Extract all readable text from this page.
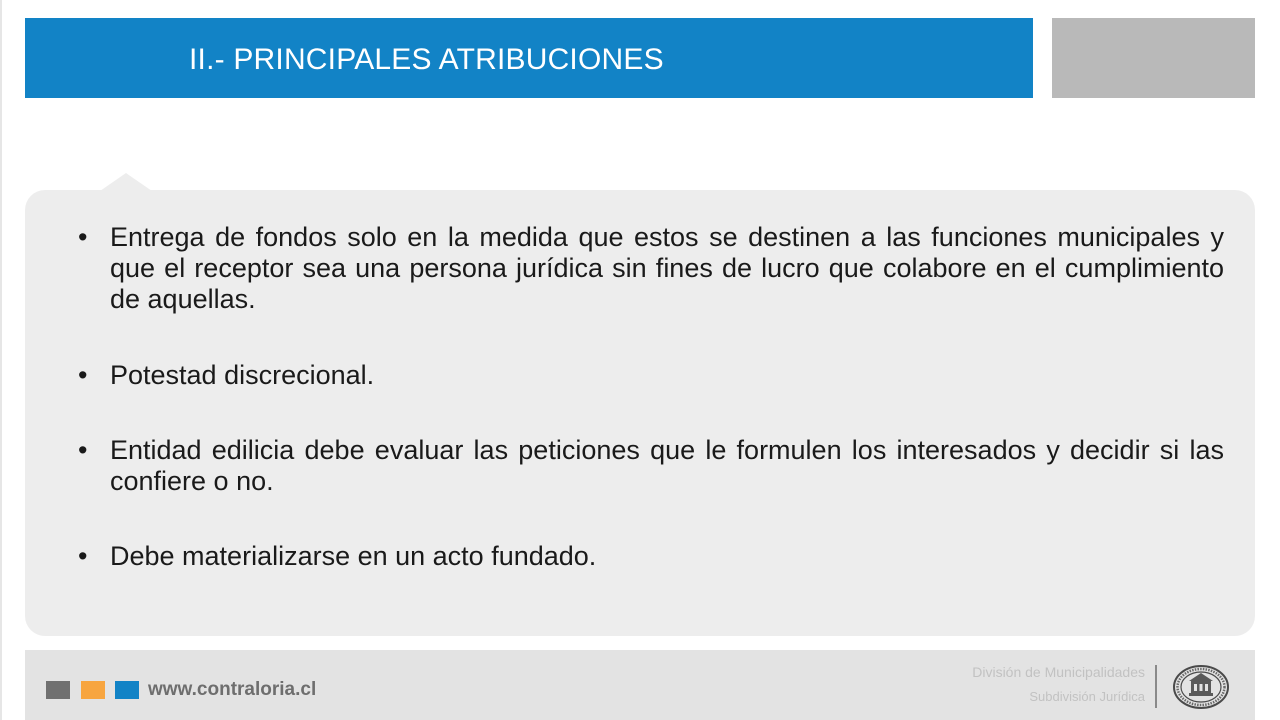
II.- PRINCIPALES ATRIBUCIONES
• Entrega de fondos solo en la medida que estos se destinen a las funciones municipales y que el receptor sea una persona jurídica sin fines de lucro que colabore en el cumplimiento de aquellas.
• Potestad discrecional.
• Entidad edilicia debe evaluar las peticiones que le formulen los interesados y decidir si las confiere o no.
• Debe materializarse en un acto fundado.
www.contraloria.cl
División de Municipalidades
Subdivisión Jurídica
